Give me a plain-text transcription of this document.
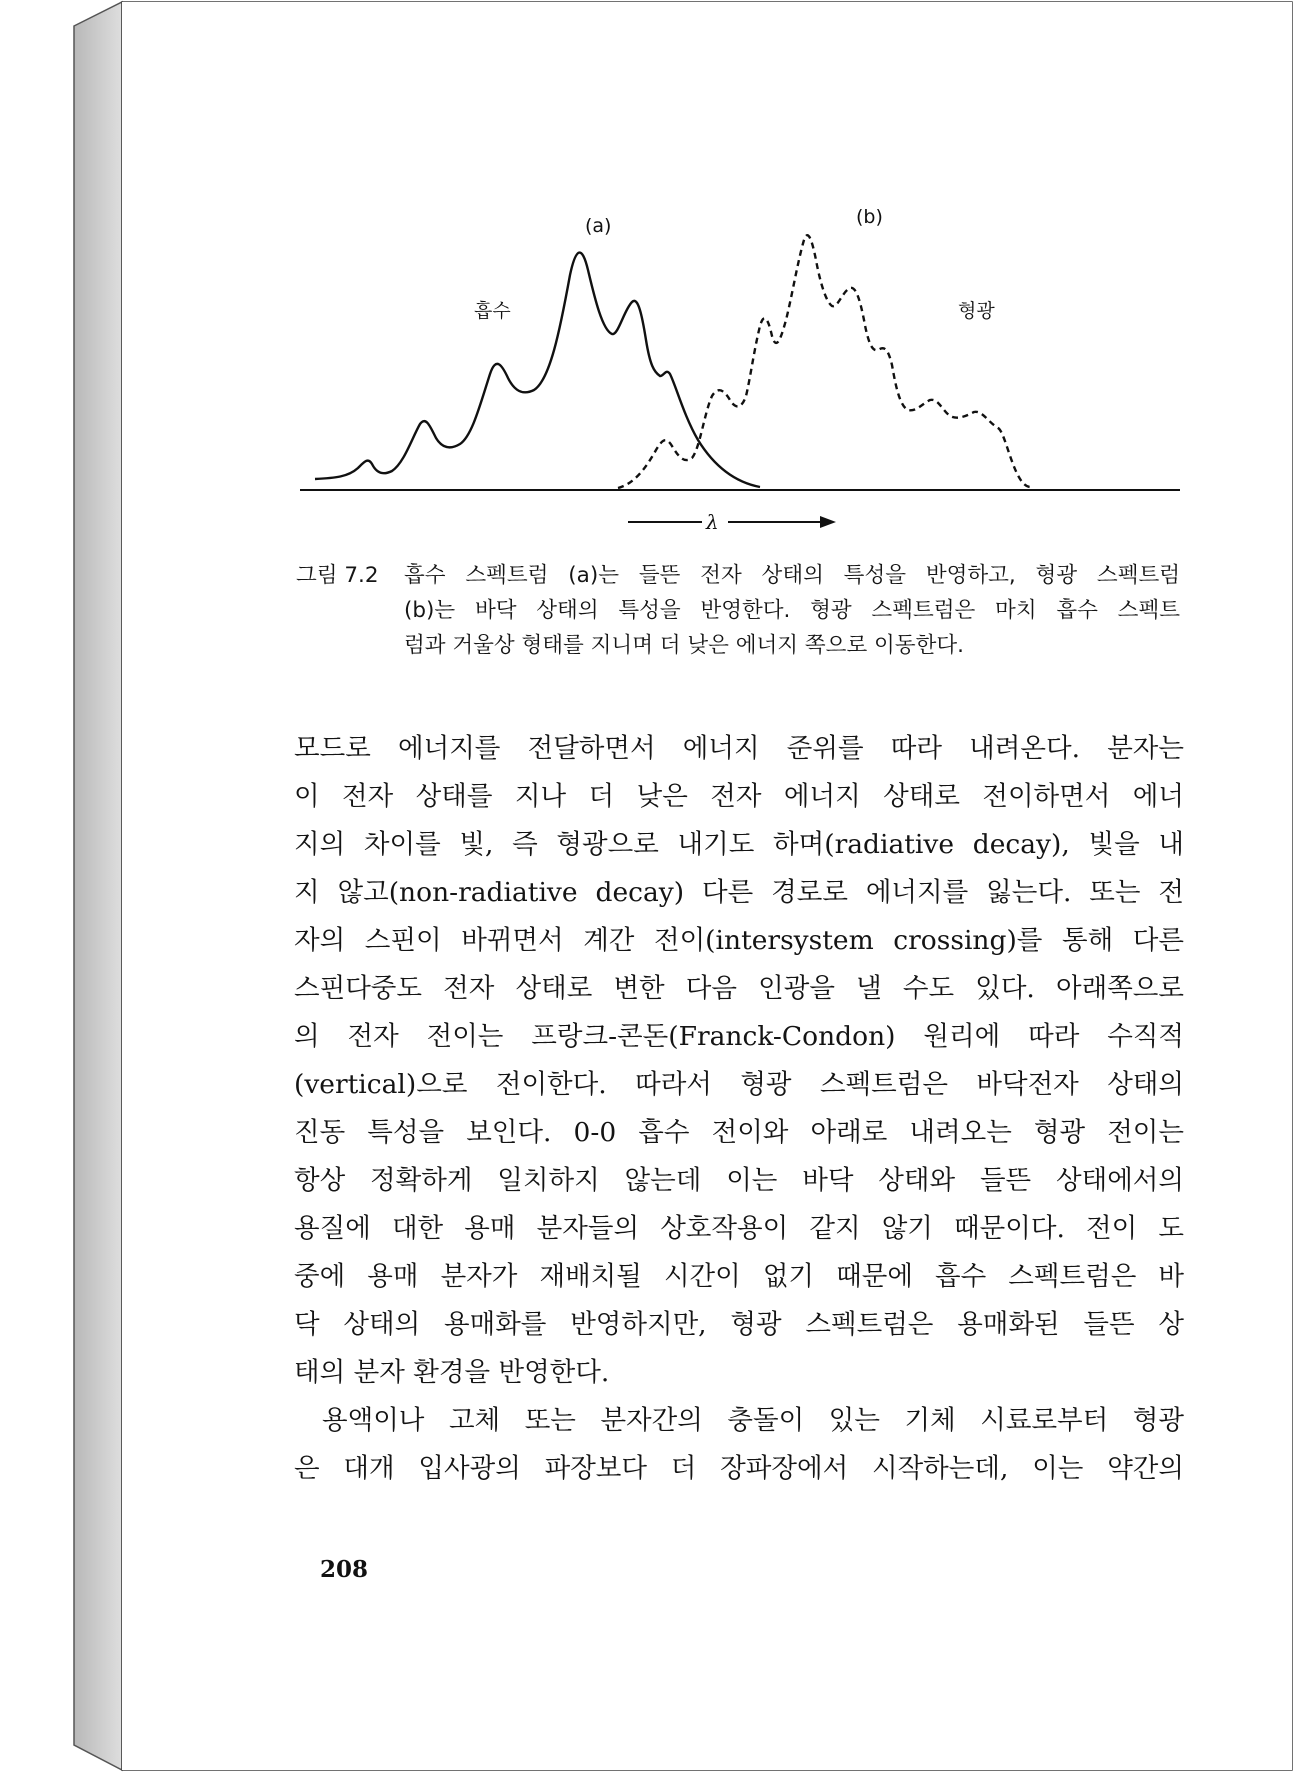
(a)	(b)
흡수	형광
λ
그림 7.2 흡수 스펙트럼 (a)는 들뜬 전자 상태의 특성을 반영하고, 형광 스펙트럼
(b)는 바닥 상태의 특성을 반영한다. 형광 스펙트럼은 마치 흡수 스펙트
럼과 거울상 형태를 지니며 더 낮은 에너지 쪽으로 이동한다.
모드로 에너지를 전달하면서 에너지 준위를 따라 내려온다. 분자는
이 전자 상태를 지나 더 낮은 전자 에너지 상태로 전이하면서 에너
지의 차이를 빛, 즉 형광으로 내기도 하며(radiative decay), 빛을 내
지 않고(non-radiative decay) 다른 경로로 에너지를 잃는다. 또는 전
자의 스핀이 바뀌면서 계간 전이(intersystem crossing)를 통해 다른
스핀다중도 전자 상태로 변한 다음 인광을 낼 수도 있다. 아래쪽으로
의 전자 전이는 프랑크-콘돈(Franck-Condon) 원리에 따라 수직적
(vertical)으로 전이한다. 따라서 형광 스펙트럼은 바닥전자 상태의
진동 특성을 보인다. 0-0 흡수 전이와 아래로 내려오는 형광 전이는
항상 정확하게 일치하지 않는데 이는 바닥 상태와 들뜬 상태에서의
용질에 대한 용매 분자들의 상호작용이 같지 않기 때문이다. 전이 도
중에 용매 분자가 재배치될 시간이 없기 때문에 흡수 스펙트럼은 바
닥 상태의 용매화를 반영하지만, 형광 스펙트럼은 용매화된 들뜬 상
태의 분자 환경을 반영한다.
용액이나 고체 또는 분자간의 충돌이 있는 기체 시료로부터 형광
은 대개 입사광의 파장보다 더 장파장에서 시작하는데, 이는 약간의
208
